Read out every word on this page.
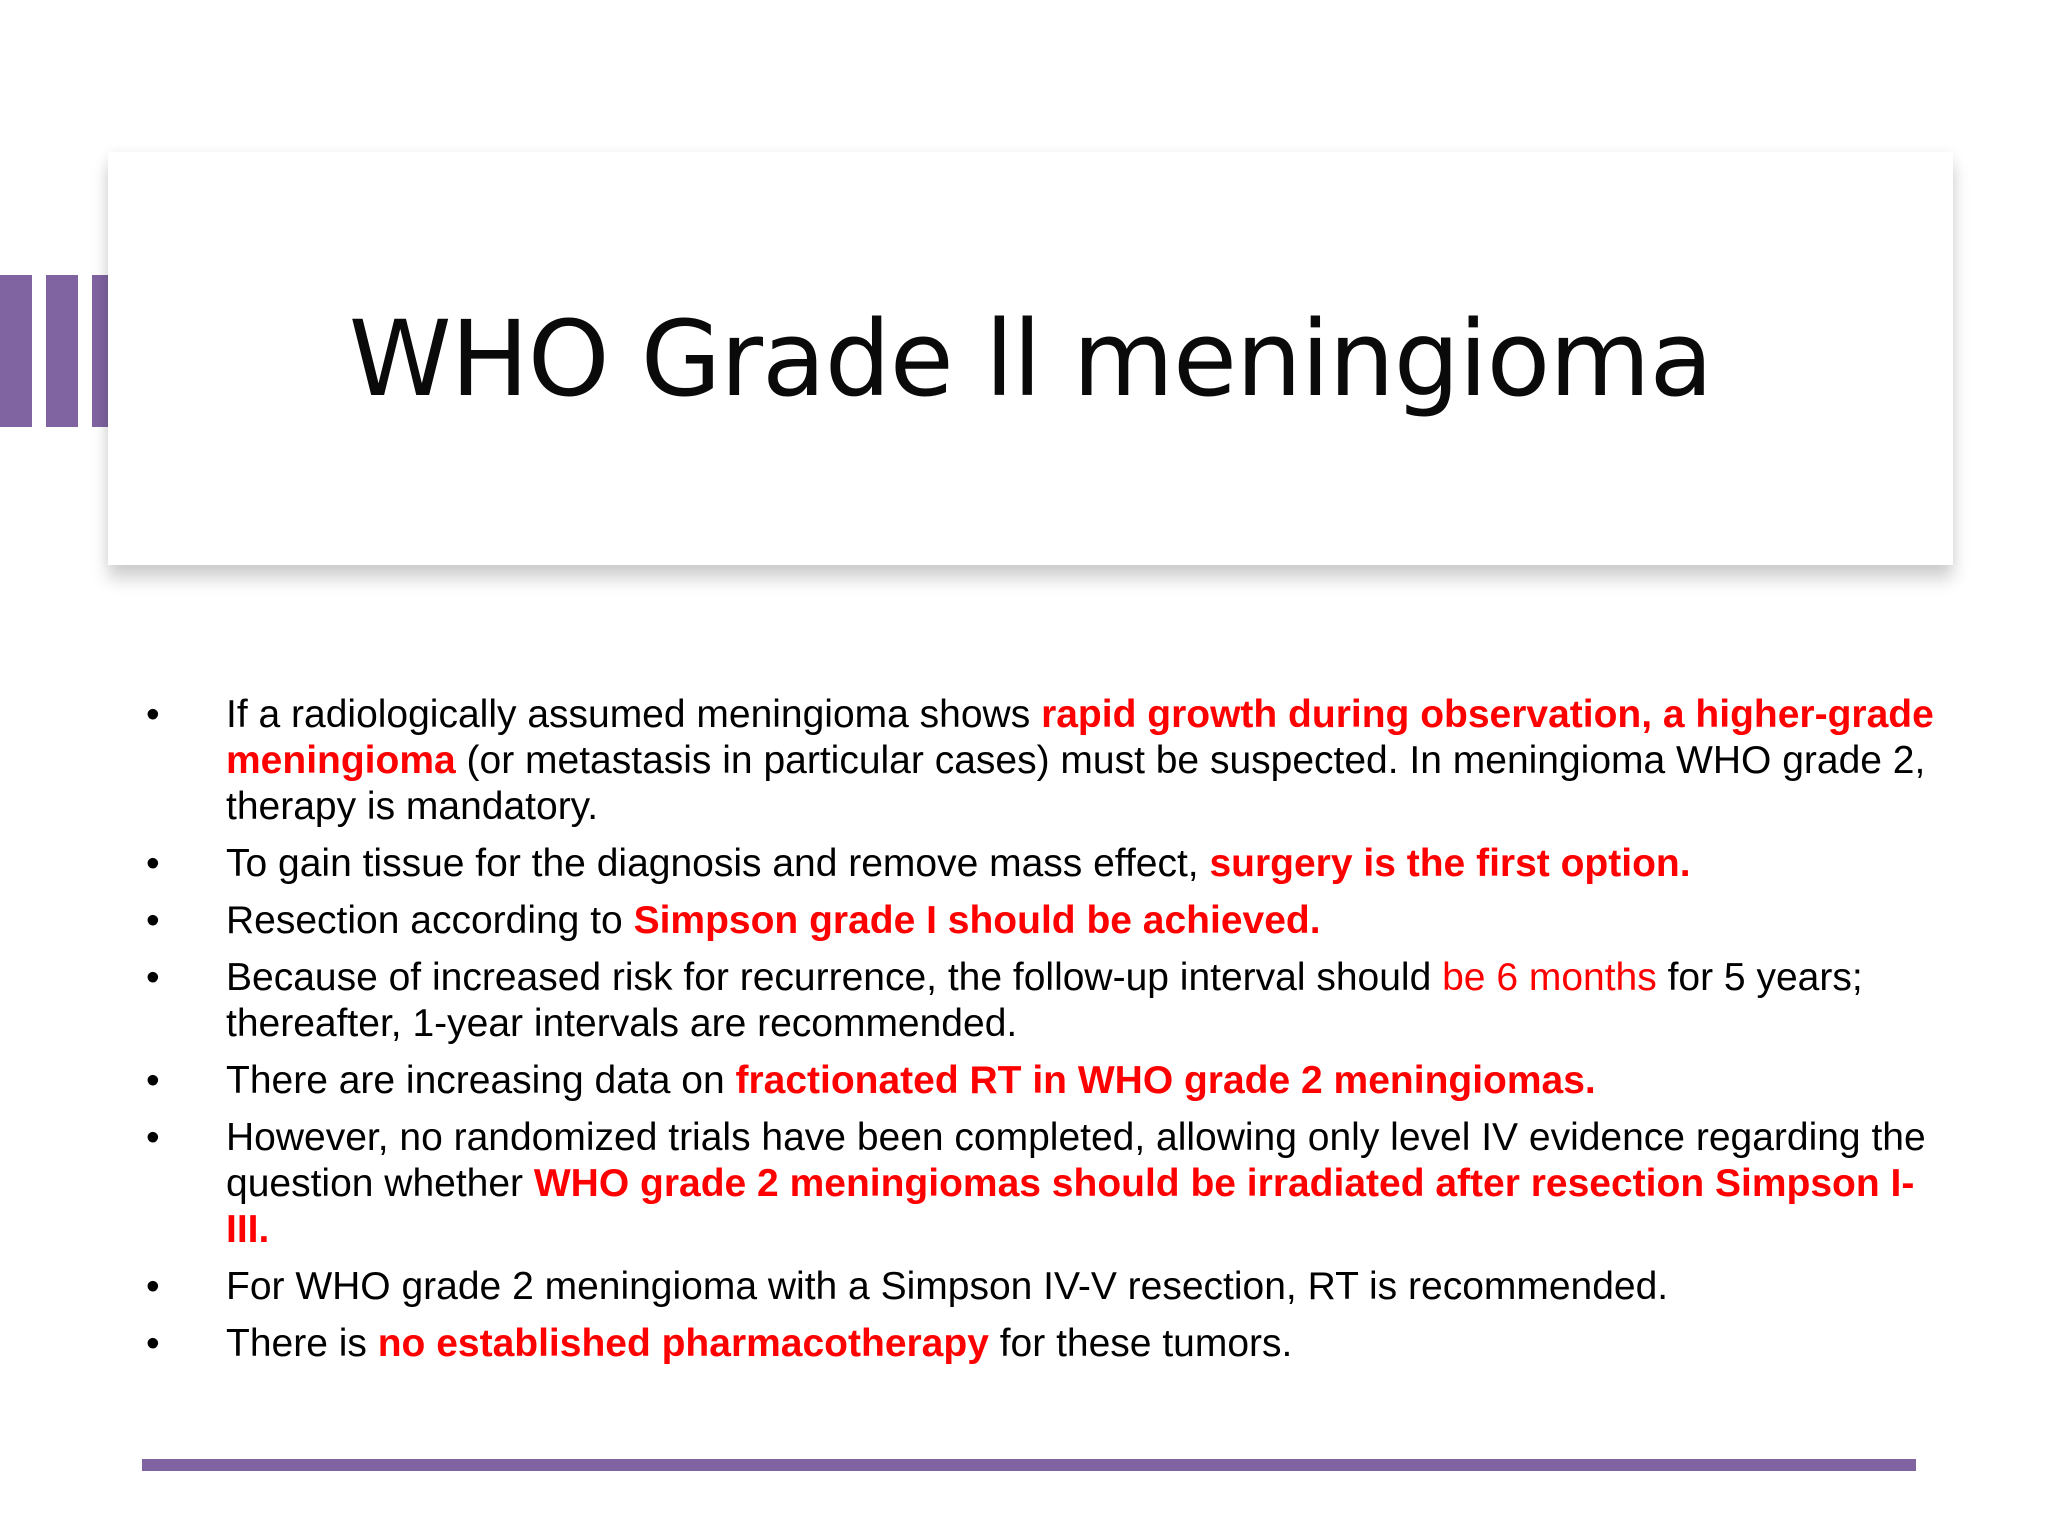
WHO Grade ll meningioma
•	If a radiologically assumed meningioma shows rapid growth during observation, a higher-grade meningioma (or metastasis in particular cases) must be suspected. In meningioma WHO grade 2, therapy is mandatory.
•	To gain tissue for the diagnosis and remove mass effect, surgery is the first option.
•	Resection according to Simpson grade I should be achieved.
•	Because of increased risk for recurrence, the follow-up interval should be 6 months for 5 years; thereafter, 1-year intervals are recommended.
•	There are increasing data on fractionated RT in WHO grade 2 meningiomas.
•	However, no randomized trials have been completed, allowing only level IV evidence regarding the question whether WHO grade 2 meningiomas should be irradiated after resection Simpson I-III.
•	For WHO grade 2 meningioma with a Simpson IV-V resection, RT is recommended.
•	There is no established pharmacotherapy for these tumors.
